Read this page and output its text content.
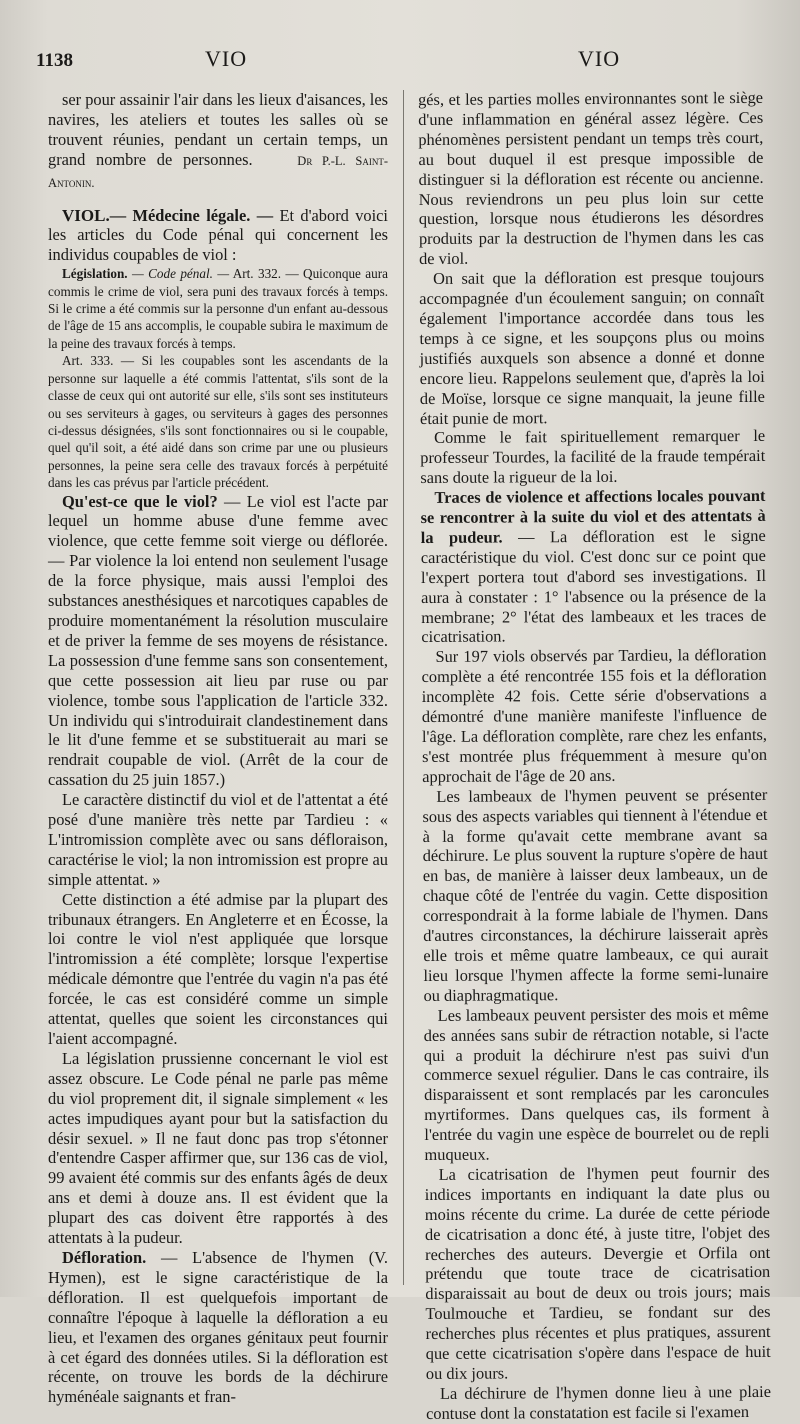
1138	VIO	VIO

ser pour assainir l'air dans les lieux d'aisances, les navires, les ateliers et toutes les salles où se trouvent réunies, pendant un certain temps, un grand nombre de personnes.	Dr P.-L. Saint-Antonin.

VIOL.— Médecine légale. — Et d'abord voici les articles du Code pénal qui concernent les individus coupables de viol :

Législation. — Code pénal. — Art. 332. — Quiconque aura commis le crime de viol, sera puni des travaux forcés à temps. Si le crime a été commis sur la personne d'un enfant au-dessous de l'âge de 15 ans accomplis, le coupable subira le maximum de la peine des travaux forcés à temps.

Art. 333. — Si les coupables sont les ascendants de la personne sur laquelle a été commis l'attentat, s'ils sont de la classe de ceux qui ont autorité sur elle, s'ils sont ses instituteurs ou ses serviteurs à gages, ou serviteurs à gages des personnes ci-dessus désignées, s'ils sont fonctionnaires ou si le coupable, quel qu'il soit, a été aidé dans son crime par une ou plusieurs personnes, la peine sera celle des travaux forcés à perpétuité dans les cas prévus par l'article précédent.

Qu'est-ce que le viol? — Le viol est l'acte par lequel un homme abuse d'une femme avec violence, que cette femme soit vierge ou déflorée. — Par violence la loi entend non seulement l'usage de la force physique, mais aussi l'emploi des substances anesthésiques et narcotiques capables de produire momentanément la résolution musculaire et de priver la femme de ses moyens de résistance. La possession d'une femme sans son consentement, que cette possession ait lieu par ruse ou par violence, tombe sous l'application de l'article 332. Un individu qui s'introduirait clandestinement dans le lit d'une femme et se substituerait au mari se rendrait coupable de viol. (Arrêt de la cour de cassation du 25 juin 1857.)

Le caractère distinctif du viol et de l'attentat a été posé d'une manière très nette par Tardieu : « L'intromission complète avec ou sans défloraison, caractérise le viol; la non intromission est propre au simple attentat. »

Cette distinction a été admise par la plupart des tribunaux étrangers. En Angleterre et en Écosse, la loi contre le viol n'est appliquée que lorsque l'intromission a été complète; lorsque l'expertise médicale démontre que l'entrée du vagin n'a pas été forcée, le cas est considéré comme un simple attentat, quelles que soient les circonstances qui l'aient accompagné.

La législation prussienne concernant le viol est assez obscure. Le Code pénal ne parle pas même du viol proprement dit, il signale simplement « les actes impudiques ayant pour but la satisfaction du désir sexuel. » Il ne faut donc pas trop s'étonner d'entendre Casper affirmer que, sur 136 cas de viol, 99 avaient été commis sur des enfants âgés de deux ans et demi à douze ans. Il est évident que la plupart des cas doivent être rapportés à des attentats à la pudeur.

Défloration. — L'absence de l'hymen (V. Hymen), est le signe caractéristique de la défloration. Il est quelquefois important de connaître l'époque à laquelle la défloration a eu lieu, et l'examen des organes génitaux peut fournir à cet égard des données utiles. Si la défloration est récente, on trouve les bords de la déchirure hyménéale saignants et fran-

gés, et les parties molles environnantes sont le siège d'une inflammation en général assez légère. Ces phénomènes persistent pendant un temps très court, au bout duquel il est presque impossible de distinguer si la défloration est récente ou ancienne. Nous reviendrons un peu plus loin sur cette question, lorsque nous étudierons les désordres produits par la destruction de l'hymen dans les cas de viol.

On sait que la défloration est presque toujours accompagnée d'un écoulement sanguin; on connaît également l'importance accordée dans tous les temps à ce signe, et les soupçons plus ou moins justifiés auxquels son absence a donné et donne encore lieu. Rappelons seulement que, d'après la loi de Moïse, lorsque ce signe manquait, la jeune fille était punie de mort.

Comme le fait spirituellement remarquer le professeur Tourdes, la facilité de la fraude tempérait sans doute la rigueur de la loi.

Traces de violence et affections locales pouvant se rencontrer à la suite du viol et des attentats à la pudeur. — La défloration est le signe caractéristique du viol. C'est donc sur ce point que l'expert portera tout d'abord ses investigations. Il aura à constater : 1° l'absence ou la présence de la membrane; 2° l'état des lambeaux et les traces de cicatrisation.

Sur 197 viols observés par Tardieu, la défloration complète a été rencontrée 155 fois et la défloration incomplète 42 fois. Cette série d'observations a démontré d'une manière manifeste l'influence de l'âge. La défloration complète, rare chez les enfants, s'est montrée plus fréquemment à mesure qu'on approchait de l'âge de 20 ans.

Les lambeaux de l'hymen peuvent se présenter sous des aspects variables qui tiennent à l'étendue et à la forme qu'avait cette membrane avant sa déchirure. Le plus souvent la rupture s'opère de haut en bas, de manière à laisser deux lambeaux, un de chaque côté de l'entrée du vagin. Cette disposition correspondrait à la forme labiale de l'hymen. Dans d'autres circonstances, la déchirure laisserait après elle trois et même quatre lambeaux, ce qui aurait lieu lorsque l'hymen affecte la forme semi-lunaire ou diaphragmatique.

Les lambeaux peuvent persister des mois et même des années sans subir de rétraction notable, si l'acte qui a produit la déchirure n'est pas suivi d'un commerce sexuel régulier. Dans le cas contraire, ils disparaissent et sont remplacés par les caroncules myrtiformes. Dans quelques cas, ils forment à l'entrée du vagin une espèce de bourrelet ou de repli muqueux.

La cicatrisation de l'hymen peut fournir des indices importants en indiquant la date plus ou moins récente du crime. La durée de cette période de cicatrisation a donc été, à juste titre, l'objet des recherches des auteurs. Devergie et Orfila ont prétendu que toute trace de cicatrisation disparaissait au bout de deux ou trois jours; mais Toulmouche et Tardieu, se fondant sur des recherches plus récentes et plus pratiques, assurent que cette cicatrisation s'opère dans l'espace de huit ou dix jours.

La déchirure de l'hymen donne lieu à une plaie contuse dont la constatation est facile si l'examen
